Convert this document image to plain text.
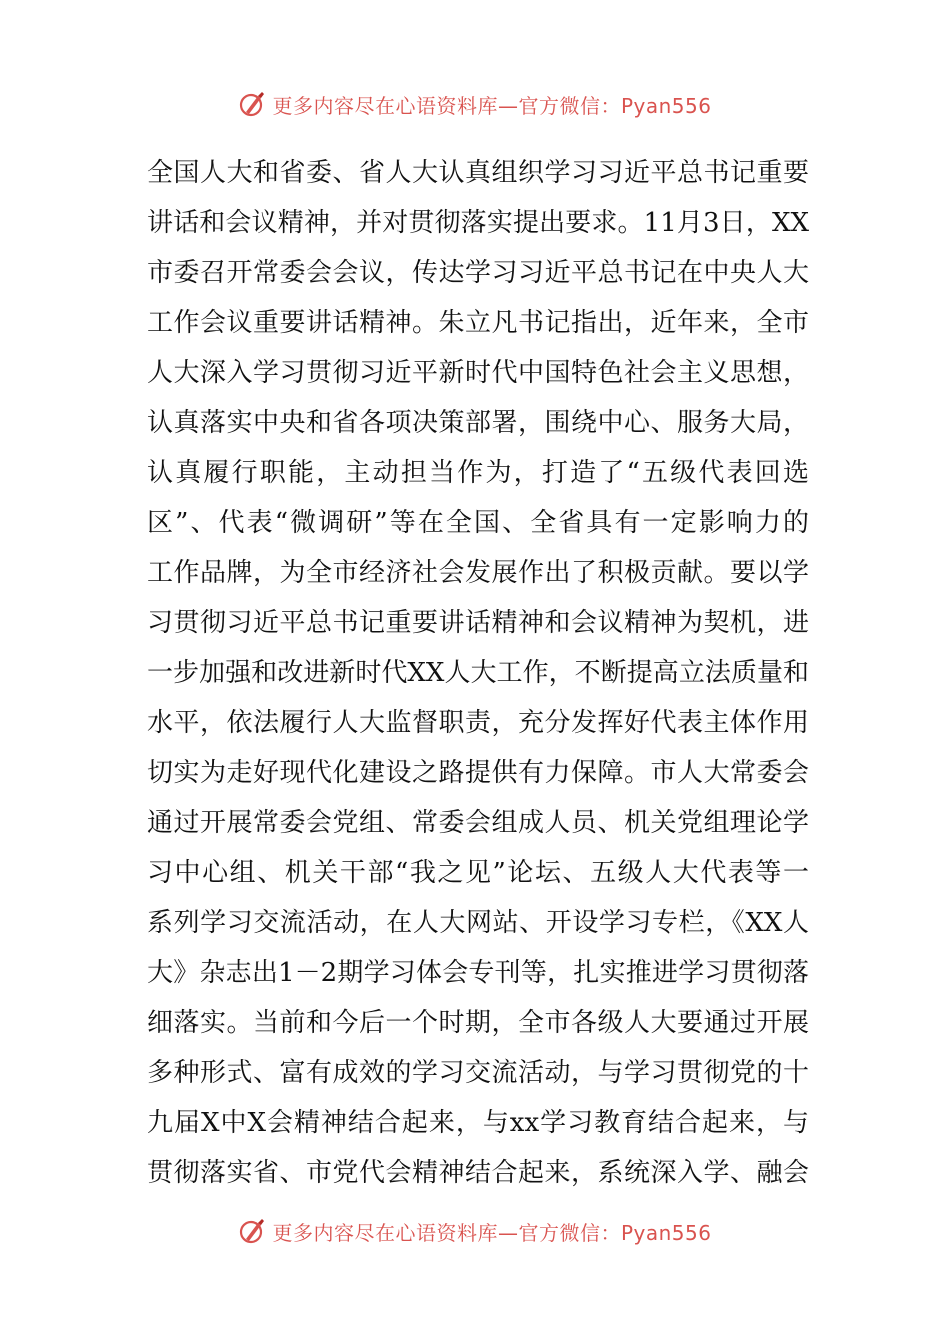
更多内容尽在心语资料库—官方微信：Pyan556
全国人大和省委、省人大认真组织学习习近平总书记重要
讲话和会议精神，并对贯彻落实提出要求。11月3日，XX
市委召开常委会会议，传达学习习近平总书记在中央人大
工作会议重要讲话精神。朱立凡书记指出，近年来，全市
人大深入学习贯彻习近平新时代中国特色社会主义思想，
认真落实中央和省各项决策部署，围绕中心、服务大局，
认真履行职能，主动担当作为，打造了“五级代表回选
区”、代表“微调研”等在全国、全省具有一定影响力的
工作品牌，为全市经济社会发展作出了积极贡献。要以学
习贯彻习近平总书记重要讲话精神和会议精神为契机，进
一步加强和改进新时代XX人大工作，不断提高立法质量和
水平，依法履行人大监督职责，充分发挥好代表主体作用
切实为走好现代化建设之路提供有力保障。市人大常委会
通过开展常委会党组、常委会组成人员、机关党组理论学
习中心组、机关干部“我之见”论坛、五级人大代表等一
系列学习交流活动，在人大网站、开设学习专栏，《XX人
大》杂志出1－2期学习体会专刊等，扎实推进学习贯彻落
细落实。当前和今后一个时期，全市各级人大要通过开展
多种形式、富有成效的学习交流活动，与学习贯彻党的十
九届X中X会精神结合起来，与xx学习教育结合起来，与
贯彻落实省、市党代会精神结合起来，系统深入学、融会
更多内容尽在心语资料库—官方微信：Pyan556
